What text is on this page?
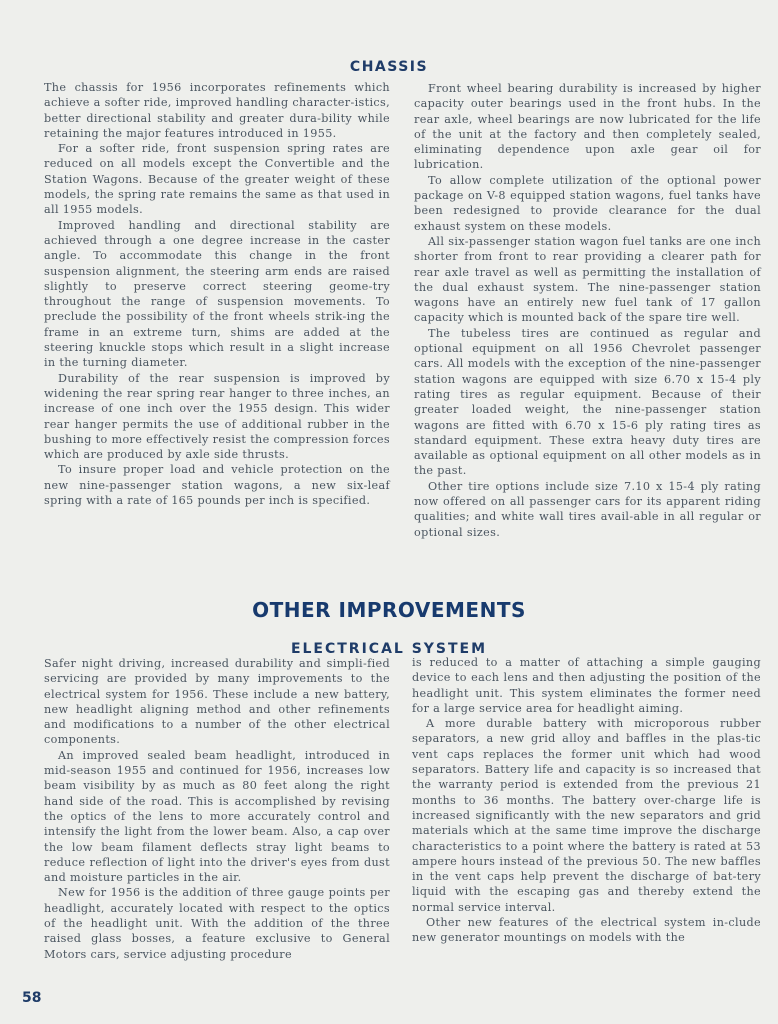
CHASSIS

The chassis for 1956 incorporates refinements which achieve a softer ride, improved handling character-istics, better directional stability and greater dura-bility while retaining the major features introduced in 1955.

For a softer ride, front suspension spring rates are reduced on all models except the Convertible and the Station Wagons. Because of the greater weight of these models, the spring rate remains the same as that used in all 1955 models.

Improved handling and directional stability are achieved through a one degree increase in the caster angle. To accommodate this change in the front suspension alignment, the steering arm ends are raised slightly to preserve correct steering geome-try throughout the range of suspension movements. To preclude the possibility of the front wheels strik-ing the frame in an extreme turn, shims are added at the steering knuckle stops which result in a slight increase in the turning diameter.

Durability of the rear suspension is improved by widening the rear spring rear hanger to three inches, an increase of one inch over the 1955 design. This wider rear hanger permits the use of additional rubber in the bushing to more effectively resist the compression forces which are produced by axle side thrusts.

To insure proper load and vehicle protection on the new nine-passenger station wagons, a new six-leaf spring with a rate of 165 pounds per inch is specified.

Front wheel bearing durability is increased by higher capacity outer bearings used in the front hubs. In the rear axle, wheel bearings are now lubricated for the life of the unit at the factory and then completely sealed, eliminating dependence upon axle gear oil for lubrication.

To allow complete utilization of the optional power package on V-8 equipped station wagons, fuel tanks have been redesigned to provide clearance for the dual exhaust system on these models.

All six-passenger station wagon fuel tanks are one inch shorter from front to rear providing a clearer path for rear axle travel as well as permitting the installation of the dual exhaust system. The nine-passenger station wagons have an entirely new fuel tank of 17 gallon capacity which is mounted back of the spare tire well.

The tubeless tires are continued as regular and optional equipment on all 1956 Chevrolet passenger cars. All models with the exception of the nine-passenger station wagons are equipped with size 6.70 x 15-4 ply rating tires as regular equipment. Because of their greater loaded weight, the nine-passenger station wagons are fitted with 6.70 x 15-6 ply rating tires as standard equipment. These extra heavy duty tires are available as optional equipment on all other models as in the past.

Other tire options include size 7.10 x 15-4 ply rating now offered on all passenger cars for its apparent riding qualities; and white wall tires avail-able in all regular or optional sizes.

OTHER IMPROVEMENTS
ELECTRICAL SYSTEM

Safer night driving, increased durability and simpli-fied servicing are provided by many improvements to the electrical system for 1956. These include a new battery, new headlight aligning method and other refinements and modifications to a number of the other electrical components.

An improved sealed beam headlight, introduced in mid-season 1955 and continued for 1956, increases low beam visibility by as much as 80 feet along the right hand side of the road. This is accomplished by revising the optics of the lens to more accurately control and intensify the light from the lower beam. Also, a cap over the low beam filament deflects stray light beams to reduce reflection of light into the driver's eyes from dust and moisture particles in the air.

New for 1956 is the addition of three gauge points per headlight, accurately located with respect to the optics of the headlight unit. With the addition of the three raised glass bosses, a feature exclusive to General Motors cars, service adjusting procedure

is reduced to a matter of attaching a simple gauging device to each lens and then adjusting the position of the headlight unit. This system eliminates the former need for a large service area for headlight aiming.

A more durable battery with microporous rubber separators, a new grid alloy and baffles in the plas-tic vent caps replaces the former unit which had wood separators. Battery life and capacity is so increased that the warranty period is extended from the previous 21 months to 36 months. The battery over-charge life is increased significantly with the new separators and grid materials which at the same time improve the discharge characteristics to a point where the battery is rated at 53 ampere hours instead of the previous 50. The new baffles in the vent caps help prevent the discharge of bat-tery liquid with the escaping gas and thereby extend the normal service interval.

Other new features of the electrical system in-clude new generator mountings on models with the

58
